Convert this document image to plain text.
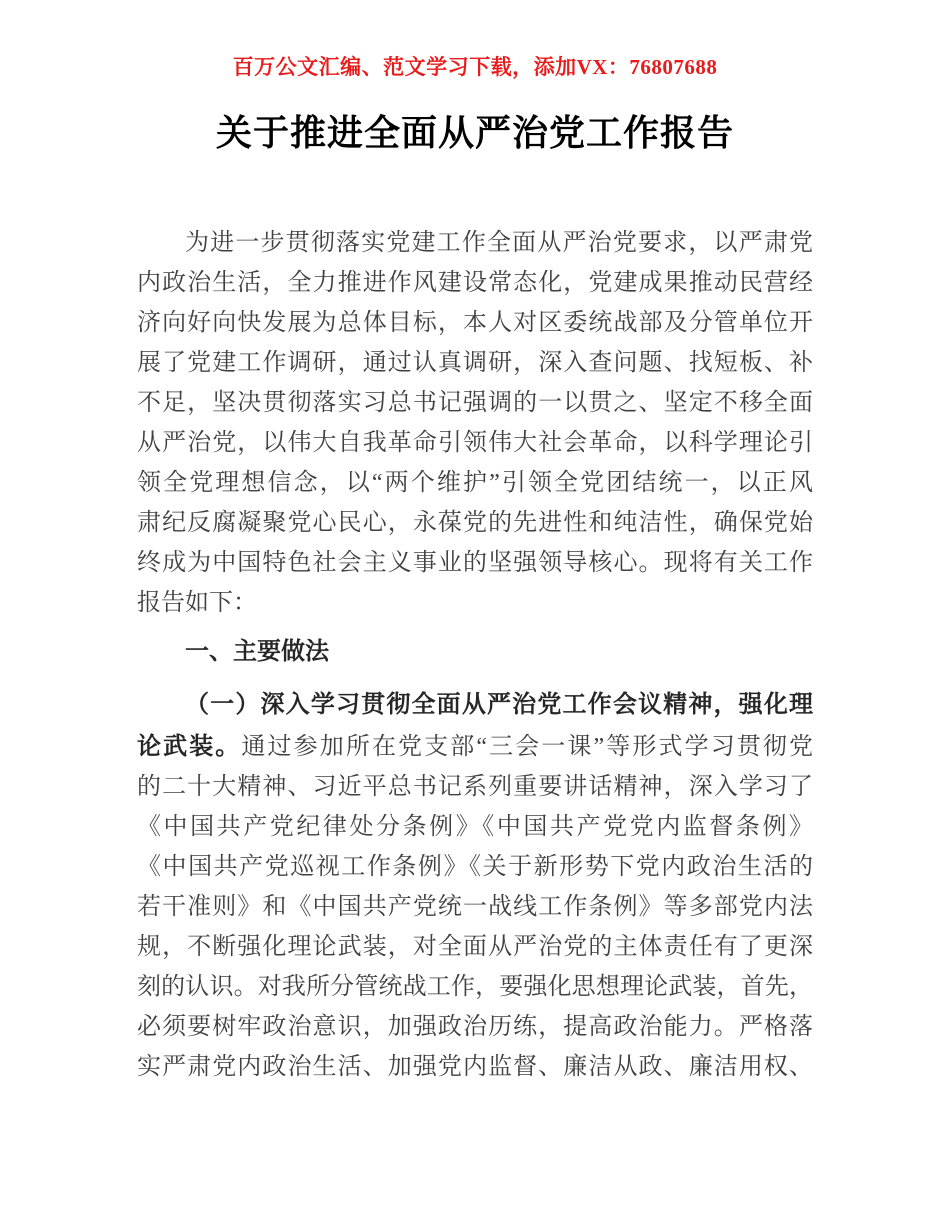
百万公文汇编、范文学习下载，添加VX：76807688
关于推进全面从严治党工作报告
为进一步贯彻落实党建工作全面从严治党要求，以严肃党
内政治生活，全力推进作风建设常态化，党建成果推动民营经
济向好向快发展为总体目标，本人对区委统战部及分管单位开
展了党建工作调研，通过认真调研，深入查问题、找短板、补
不足，坚决贯彻落实习总书记强调的一以贯之、坚定不移全面
从严治党，以伟大自我革命引领伟大社会革命，以科学理论引
领全党理想信念，以“两个维护”引领全党团结统一，以正风
肃纪反腐凝聚党心民心，永葆党的先进性和纯洁性，确保党始
终成为中国特色社会主义事业的坚强领导核心。现将有关工作
报告如下：
一、主要做法
（一）深入学习贯彻全面从严治党工作会议精神，强化理
论武装。通过参加所在党支部“三会一课”等形式学习贯彻党
的二十大精神、习近平总书记系列重要讲话精神，深入学习了
《中国共产党纪律处分条例》《中国共产党党内监督条例》
《中国共产党巡视工作条例》《关于新形势下党内政治生活的
若干准则》和《中国共产党统一战线工作条例》等多部党内法
规，不断强化理论武装，对全面从严治党的主体责任有了更深
刻的认识。对我所分管统战工作，要强化思想理论武装，首先，
必须要树牢政治意识，加强政治历练，提高政治能力。严格落
实严肃党内政治生活、加强党内监督、廉洁从政、廉洁用权、
